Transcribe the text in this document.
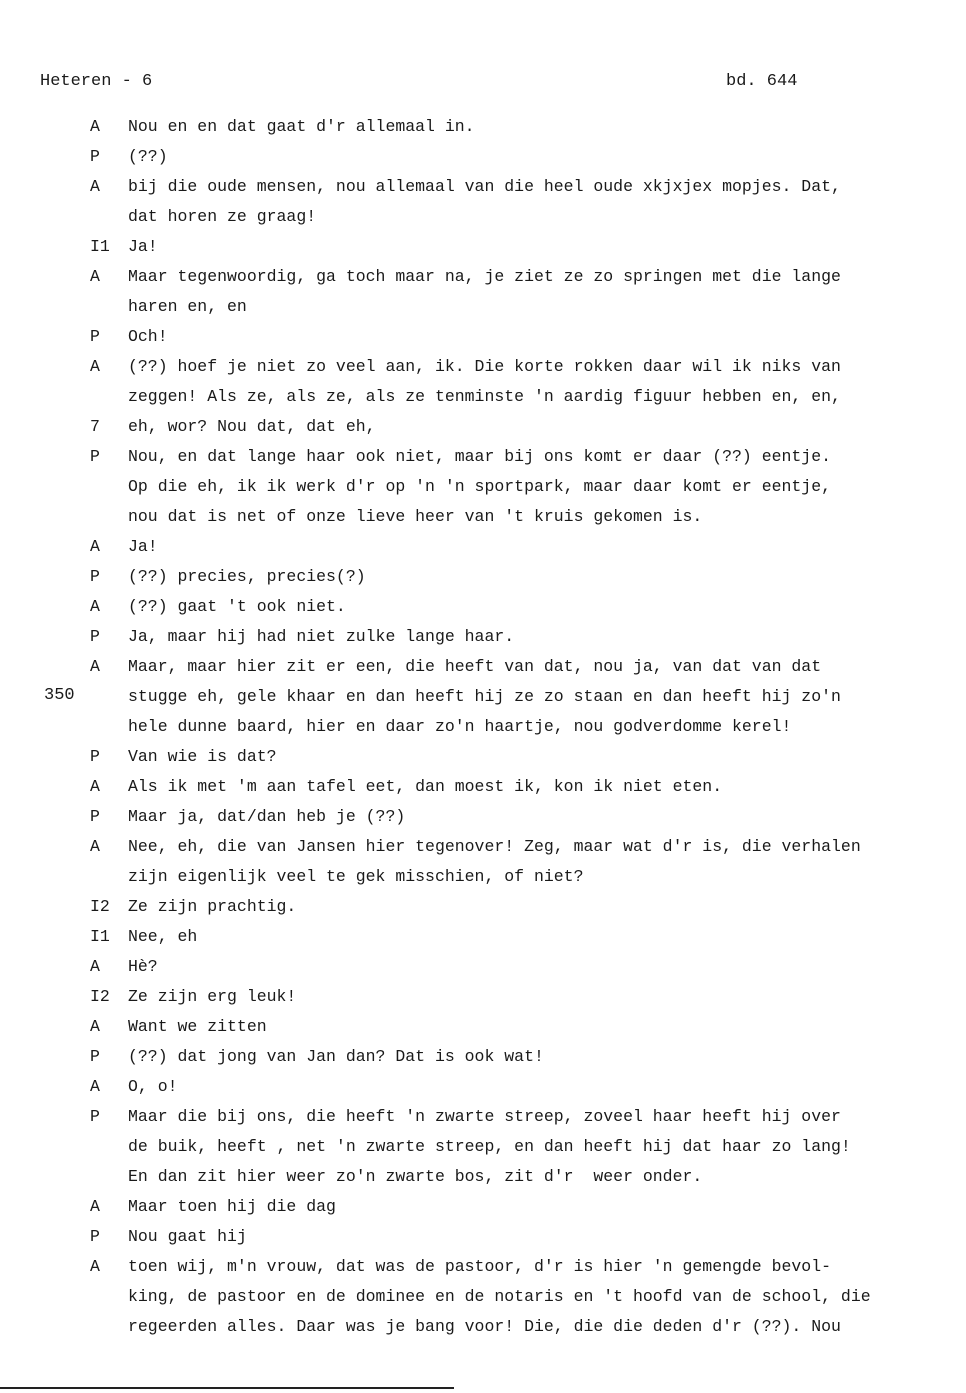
Heteren - 6	bd. 644
350
A	Nou en en dat gaat d'r allemaal in.
P	(??)
A	bij die oude mensen, nou allemaal van die heel oude xkjxjex mopjes. Dat,
dat horen ze graag!
I1	Ja!
A	Maar tegenwoordig, ga toch maar na, je ziet ze zo springen met die lange
haren en, en
P	Och!
A	(??) hoef je niet zo veel aan, ik. Die korte rokken daar wil ik niks van
zeggen! Als ze, als ze, als ze tenminste 'n aardig figuur hebben en, en,
7	eh, wor? Nou dat, dat eh,
P	Nou, en dat lange haar ook niet, maar bij ons komt er daar (??) eentje.
Op die eh, ik ik werk d'r op 'n 'n sportpark, maar daar komt er eentje,
nou dat is net of onze lieve heer van 't kruis gekomen is.
A	Ja!
P	(??) precies, precies(?)
A	(??) gaat 't ook niet.
P	Ja, maar hij had niet zulke lange haar.
A	Maar, maar hier zit er een, die heeft van dat, nou ja, van dat van dat
stugge eh, gele khaar en dan heeft hij ze zo staan en dan heeft hij zo'n
hele dunne baard, hier en daar zo'n haartje, nou godverdomme kerel!
P	Van wie is dat?
A	Als ik met 'm aan tafel eet, dan moest ik, kon ik niet eten.
P	Maar ja, dat/dan heb je (??)
A	Nee, eh, die van Jansen hier tegenover! Zeg, maar wat d'r is, die verhalen
zijn eigenlijk veel te gek misschien, of niet?
I2	Ze zijn prachtig.
I1	Nee, eh
A	Hè?
I2	Ze zijn erg leuk!
A	Want we zitten
P	(??) dat jong van Jan dan? Dat is ook wat!
A	O, o!
P	Maar die bij ons, die heeft 'n zwarte streep, zoveel haar heeft hij over
de buik, heeft , net 'n zwarte streep, en dan heeft hij dat haar zo lang!
En dan zit hier weer zo'n zwarte bos, zit d'r  weer onder.
A	Maar toen hij die dag
P	Nou gaat hij
A	toen wij, m'n vrouw, dat was de pastoor, d'r is hier 'n gemengde bevol-
king, de pastoor en de dominee en de notaris en 't hoofd van de school, die
regeerden alles. Daar was je bang voor! Die, die die deden d'r (??). Nou
